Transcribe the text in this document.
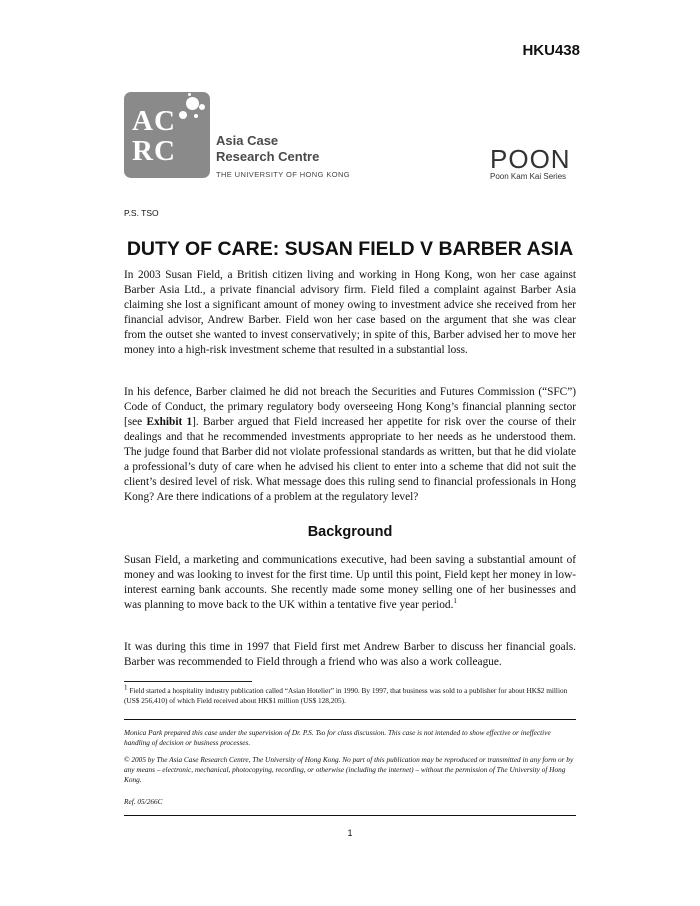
HKU438
AC
RC	Asia Case
Research Centre
THE UNIVERSITY OF HONG KONG
POON
Poon Kam Kai Series
P.S. TSO
DUTY OF CARE: SUSAN FIELD V BARBER ASIA

In 2003 Susan Field, a British citizen living and working in Hong Kong, won her case against Barber Asia Ltd., a private financial advisory firm. Field filed a complaint against Barber Asia claiming she lost a significant amount of money owing to investment advice she received from her financial advisor, Andrew Barber. Field won her case based on the argument that she was clear from the outset she wanted to invest conservatively; in spite of this, Barber advised her to move her money into a high-risk investment scheme that resulted in a substantial loss.

In his defence, Barber claimed he did not breach the Securities and Futures Commission (“SFC”) Code of Conduct, the primary regulatory body overseeing Hong Kong’s financial planning sector [see Exhibit 1]. Barber argued that Field increased her appetite for risk over the course of their dealings and that he recommended investments appropriate to her needs as he understood them. The judge found that Barber did not violate professional standards as written, but that he did violate a professional’s duty of care when he advised his client to enter into a scheme that did not suit the client’s desired level of risk. What message does this ruling send to financial professionals in Hong Kong? Are there indications of a problem at the regulatory level?

Background

Susan Field, a marketing and communications executive, had been saving a substantial amount of money and was looking to invest for the first time. Up until this point, Field kept her money in low-interest earning bank accounts. She recently made some money selling one of her businesses and was planning to move back to the UK within a tentative five year period.$^1$

It was during this time in 1997 that Field first met Andrew Barber to discuss her financial goals. Barber was recommended to Field through a friend who was also a work colleague.

$^1$ Field started a hospitality industry publication called “Asian Hotelier” in 1990. By 1997, that business was sold to a publisher for about HK$2 million (US$ 256,410) of which Field received about HK$1 million (US$ 128,205).

Monica Park prepared this case under the supervision of Dr. P.S. Tso for class discussion. This case is not intended to show effective or ineffective handling of decision or business processes.

© 2005 by The Asia Case Research Centre, The University of Hong Kong. No part of this publication may be reproduced or transmitted in any form or by any means – electronic, mechanical, photocopying, recording, or otherwise (including the internet) – without the permission of The University of Hong Kong.

Ref. 05/266C

1
